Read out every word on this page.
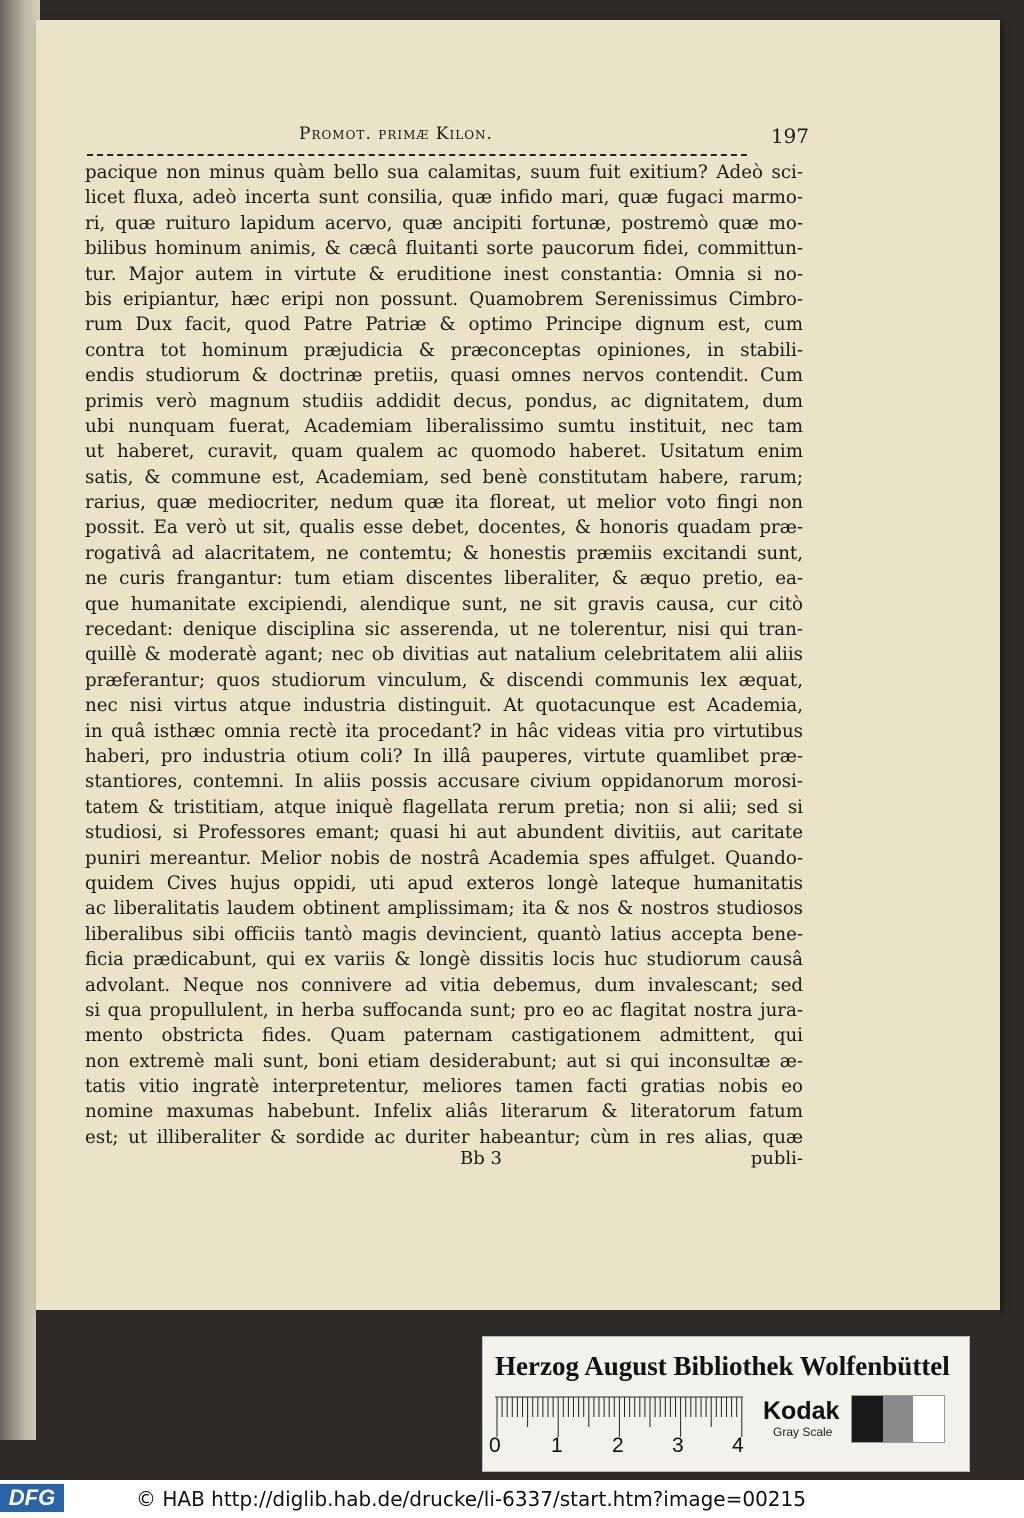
Promot. primæ Kilon.	197
pacique non minus quàm bello sua calamitas, suum fuit exitium? Adeò sci-
licet fluxa, adeò incerta sunt consilia, quæ infido mari, quæ fugaci marmo-
ri, quæ ruituro lapidum acervo, quæ ancipiti fortunæ, postremò quæ mo-
bilibus hominum animis, & cæcâ fluitanti sorte paucorum fidei, committun-
tur. Major autem in virtute & eruditione inest constantia: Omnia si no-
bis eripiantur, hæc eripi non possunt. Quamobrem Serenissimus Cimbro-
rum Dux facit, quod Patre Patriæ & optimo Principe dignum est, cum
contra tot hominum præjudicia & præconceptas opiniones, in stabili-
endis studiorum & doctrinæ pretiis, quasi omnes nervos contendit. Cum
primis verò magnum studiis addidit decus, pondus, ac dignitatem, dum
ubi nunquam fuerat, Academiam liberalissimo sumtu instituit, nec tam
ut haberet, curavit, quam qualem ac quomodo haberet. Usitatum enim
satis, & commune est, Academiam, sed benè constitutam habere, rarum;
rarius, quæ mediocriter, nedum quæ ita floreat, ut melior voto fingi non
possit. Ea verò ut sit, qualis esse debet, docentes, & honoris quadam præ-
rogativâ ad alacritatem, ne contemtu; & honestis præmiis excitandi sunt,
ne curis frangantur: tum etiam discentes liberaliter, & æquo pretio, ea-
que humanitate excipiendi, alendique sunt, ne sit gravis causa, cur citò
recedant: denique disciplina sic asserenda, ut ne tolerentur, nisi qui tran-
quillè & moderatè agant; nec ob divitias aut natalium celebritatem alii aliis
præferantur; quos studiorum vinculum, & discendi communis lex æquat,
nec nisi virtus atque industria distinguit. At quotacunque est Academia,
in quâ isthæc omnia rectè ita procedant? in hâc videas vitia pro virtutibus
haberi, pro industria otium coli? In illâ pauperes, virtute quamlibet præ-
stantiores, contemni. In aliis possis accusare civium oppidanorum morosi-
tatem & tristitiam, atque iniquè flagellata rerum pretia; non si alii; sed si
studiosi, si Professores emant; quasi hi aut abundent divitiis, aut caritate
puniri mereantur. Melior nobis de nostrâ Academia spes affulget. Quando-
quidem Cives hujus oppidi, uti apud exteros longè lateque humanitatis
ac liberalitatis laudem obtinent amplissimam; ita & nos & nostros studiosos
liberalibus sibi officiis tantò magis devincient, quantò latius accepta bene-
ficia prædicabunt, qui ex variis & longè dissitis locis huc studiorum causâ
advolant. Neque nos connivere ad vitia debemus, dum invalescant; sed
si qua propullulent, in herba suffocanda sunt; pro eo ac flagitat nostra jura-
mento obstricta fides. Quam paternam castigationem admittent, qui
non extremè mali sunt, boni etiam desiderabunt; aut si qui inconsultæ æ-
tatis vitio ingratè interpretentur, meliores tamen facti gratias nobis eo
nomine maxumas habebunt. Infelix aliâs literarum & literatorum fatum
est; ut illiberaliter & sordide ac duriter habeantur; cùm in res alias, quæ
Bb 3	publi-
Herzog August Bibliothek Wolfenbüttel
0 1 2 3 4
Kodak
Gray Scale
DFG	© HAB http://diglib.hab.de/drucke/li-6337/start.htm?image=00215
